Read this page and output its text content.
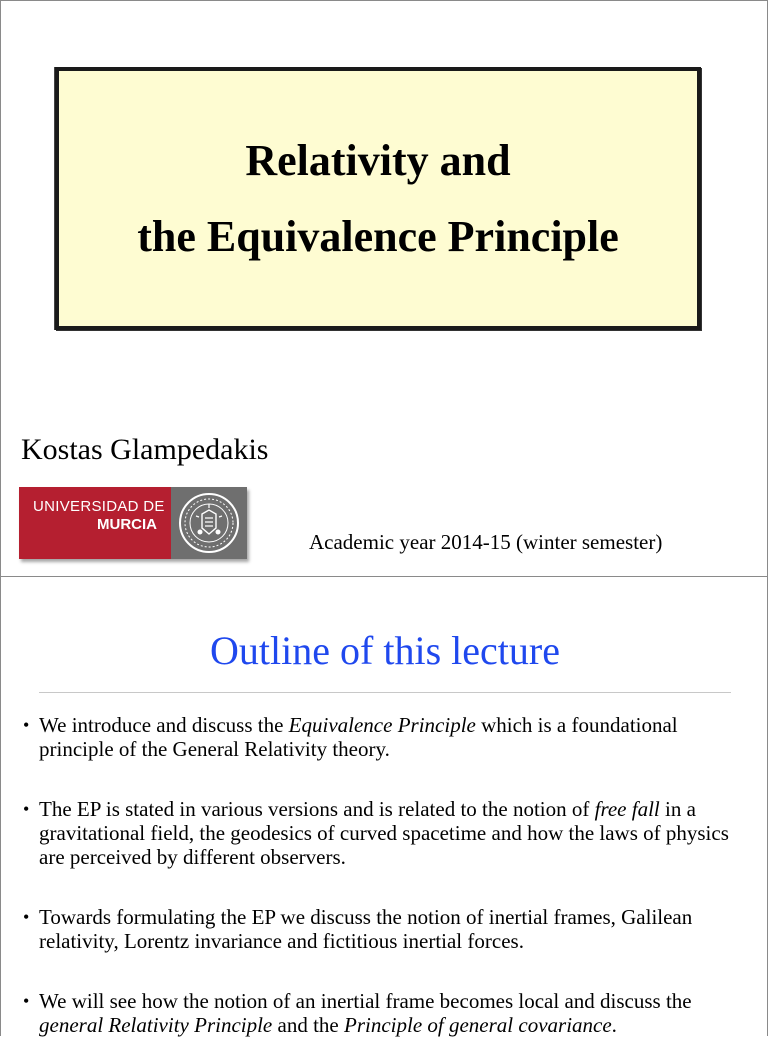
Relativity and
the Equivalence Principle
Kostas Glampedakis
UNIVERSIDAD DE
MURCIA
Academic year 2014-15 (winter semester)
Outline of this lecture
• We introduce and discuss the Equivalence Principle which is a foundational principle of the General Relativity theory.
• The EP is stated in various versions and is related to the notion of free fall in a gravitational field, the geodesics of curved spacetime and how the laws of physics are perceived by different observers.
• Towards formulating the EP we discuss the notion of inertial frames, Galilean relativity, Lorentz invariance and fictitious inertial forces.
• We will see how the notion of an inertial frame becomes local and discuss the general Relativity Principle and the Principle of general covariance.
